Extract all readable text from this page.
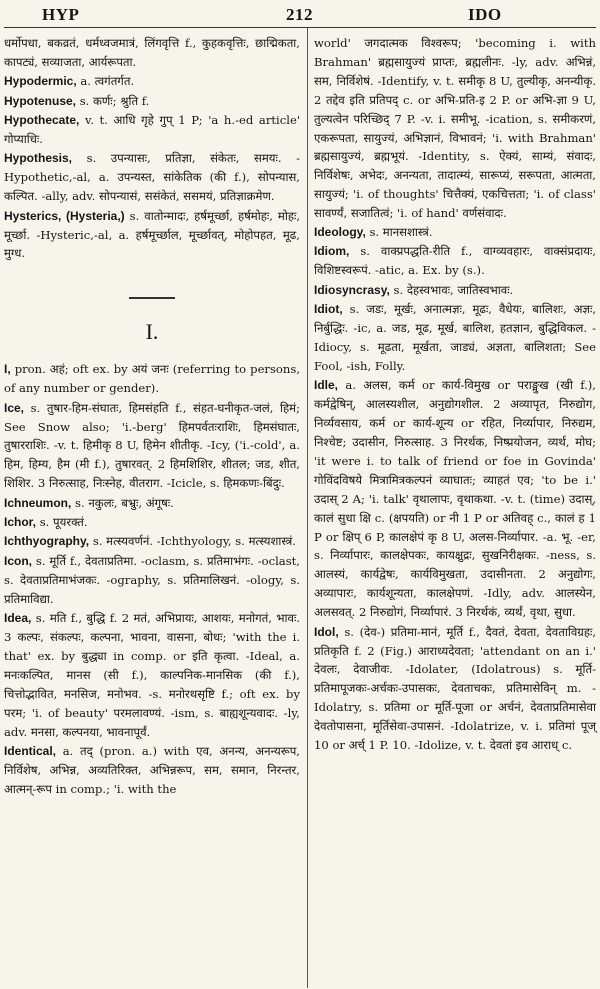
HYP	212	IDO
धर्मोपधा, बकव्रतं, धर्मध्वजमात्रं, लिंगवृत्ति f., कुहकवृत्तिः, छाद्मिकता, कापट्यं, सव्याजता, आर्यरूपता.
Hypodermic, a. त्वगंतर्गत.
Hypotenuse, s. कर्णः; श्रुति f.
Hypothecate, v. t. आधि गृहे गुप् 1 P; 'a h.-ed article' गोप्याधिः.
Hypothesis, s. उपन्यासः, प्रतिज्ञा, संकेतः, समयः. -Hypothetic,-al, a. उपन्यस्त, सांकेतिक (की f.), सोपन्यास, कल्पित. -ally, adv. सोपन्यासं, ससंकेतं, ससमयं, प्रतिज्ञाक्रमेण.
Hysterics, (Hysteria,) s. वातोन्मादः, हर्षमूर्च्छा, हर्षमोहः, मोहः, मूर्च्छा. -Hysteric,-al, a. हर्षमूर्च्छाल, मूर्च्छावत्, मोहोपहत, मूढ, मुग्ध.
I.
I, pron. अहं; oft ex. by अयं जनः (referring to persons, of any number or gender).
Ice, s. तुषार-हिम-संघातः, हिमसंहति f., संहत-घनीकृत-जलं, हिमं; See Snow also; 'i.-berg' हिमपर्वतःराशिः, हिमसंघातः, तुषारराशिः. -v. t. हिमीकृ 8 U, हिमेन शीतीकृ. -Icy, ('i.-cold', a. हिम, हिम्य, हैम (मी f.), तुषारवत्. 2 हिमशिशिर, शीतल; जड, शीत, शिशिर. 3 निरुत्साह, निःस्नेह, वीतराग. -Icicle, s. हिमकणः-बिंदुः.
Ichneumon, s. नकुलः, बभ्रुः, अंगूषः.
Ichor, s. पूयरक्तं.
Ichthyography, s. मत्स्यवर्णनं. -Ichthyology, s. मत्स्यशास्त्रं.
Icon, s. मूर्ति f., देवताप्रतिमा. -oclasm, s. प्रतिमाभंगः. -oclast, s. देवताप्रतिमाभंजकः. -ography, s. प्रतिमालिखनं. -ology, s. प्रतिमाविद्या.
Idea, s. मति f., बुद्धि f. 2 मतं, अभिप्रायः, आशयः, मनोगतं, भावः. 3 कल्पः, संकल्पः, कल्पना, भावना, वासना, बोधः; 'with the i. that' ex. by बुद्ध्या in comp. or इति कृत्वा. -Ideal, a. मनःकल्पित, मानस (सी f.), काल्पनिक-मानसिक (की f.), चित्तोद्भावित, मनसिज, मनोभव. -s. मनोरथसृष्टि f.; oft ex. by परम; 'i. of beauty' परमलावण्यं. -ism, s. बाह्यशून्यवादः. -ly, adv. मनसा, कल्पनया, भावनापूर्वं.
Identical, a. तद् (pron. a.) with एव, अनन्य, अनन्यरूप, निर्विशेष, अभिन्न, अव्यतिरिक्त, अभिन्नरूप, सम, समान, निरन्तर, आत्मन्-रूप in comp.; 'i. with the
world' जगदात्मक विश्वरूप; 'becoming i. with Brahman' ब्रह्मसायुज्यं प्राप्तः, ब्रह्मलीनः. -ly, adv. अभिन्नं, सम, निर्विशेषं. -Identify, v. t. समीकृ 8 U, तुल्यीकृ, अनन्यीकृ. 2 तद्देव इति प्रतिपद् c. or अभि-प्रति-इ 2 P. or अभि-ज्ञा 9 U, तुल्यत्वेन परिच्छिद् 7 P. -v. i. समीभू. -ication, s. समीकरणं, एकरूपता, सायुज्यं, अभिज्ञानं, विभावनं; 'i. with Brahman' ब्रह्मसायुज्यं, ब्रह्मभूयं. -Identity, s. ऐक्यं, साम्यं, संवादः, निर्विशेषः, अभेदः, अनन्यता, तादात्म्यं, सारूप्यं, सरूपता, आत्मता, सायुज्यं; 'i. of thoughts' चित्तैक्यं, एकचित्तता; 'i. of class' सावर्ण्यं, सजातित्वं; 'i. of hand' वर्णसंवादः.
Ideology, s. मानसशास्त्रं.
Idiom, s. वाक्प्रपद्धति-रीति f., वाग्व्यवहारः, वाक्संप्रदायः, विशिष्टस्वरूपं. -atic, a. Ex. by (s.).
Idiosyncrasy, s. देहस्वभावः, जातिस्वभावः.
Idiot, s. जडः, मूर्खः, अनात्मज्ञः, मूढः, वैधेयः, बालिशः, अज्ञः, निर्बुद्धिः. -ic, a. जड, मूढ, मूर्ख, बालिश, हतज्ञान, बुद्धिविकल. -Idiocy, s. मूढता, मूर्खता, जाड्यं, अज्ञता, बालिशता; See Fool, -ish, Folly.
Idle, a. अलस, कर्म or कार्य-विमुख or पराङ्मुख (खी f.), कर्मद्वेषिन्, आलस्यशील, अनुद्योगशील. 2 अव्यापृत, निरुद्योग, निर्व्यवसाय, कर्म or कार्य-शून्य or रहित, निर्व्यापार, निरुद्यम, निश्चेष्ट; उदासीन, निरुत्साह. 3 निरर्थक, निष्प्रयोजन, व्यर्थ, मोघ; 'it were i. to talk of friend or foe in Govinda' गोविंदविषये मित्रामित्रकल्पनं व्याघातः; व्याहतं एव; 'to be i.' उदास् 2 A; 'i. talk' वृथालापः, वृथाकथा. -v. t. (time) उदास्, कालं सुधा क्षि c. (क्षपयति) or नी 1 P or अतिवह् c., कालं ह 1 P or क्षिप् 6 P, कालक्षेपं कृ 8 U, अलस-निर्व्यापार. -a. भू. -er, s. निर्व्यापारः, कालक्षेपकः, कायक्षुद्रः, सुखनिरीक्षकः. -ness, s. आलस्यं, कार्यद्वेषः, कार्यविमुखता, उदासीनता. 2 अनुद्योगः, अव्यापारः, कार्यशून्यता, कालक्षेपणं. -Idly, adv. आलस्येन, अलसवत्. 2 निरुद्योगं, निर्व्यापारं. 3 निरर्थकं, व्यर्थं, वृथा, सुधा.
Idol, s. (देव-) प्रतिमा-मानं, मूर्ति f., दैवतं, देवता, देवताविग्रहः, प्रतिकृति f. 2 (Fig.) आराध्यदेवता; 'attendant on an i.' देवलः, देवाजीवः. -Idolater, (Idolatrous) s. मूर्ति-प्रतिमापूजकः-अर्चकः-उपासकः, देवताचकः, प्रतिमासेविन् m. -Idolatry, s. प्रतिमा or मूर्ति-पूजा or अर्चनं, देवताप्रतिमासेवा देवतोपासना, मूर्तिसेवा-उपासनं. -Idolatrize, v. i. प्रतिमां पूज् 10 or अर्च् 1 P. 10. -Idolize, v. t. देवतां इव आराध् c.
